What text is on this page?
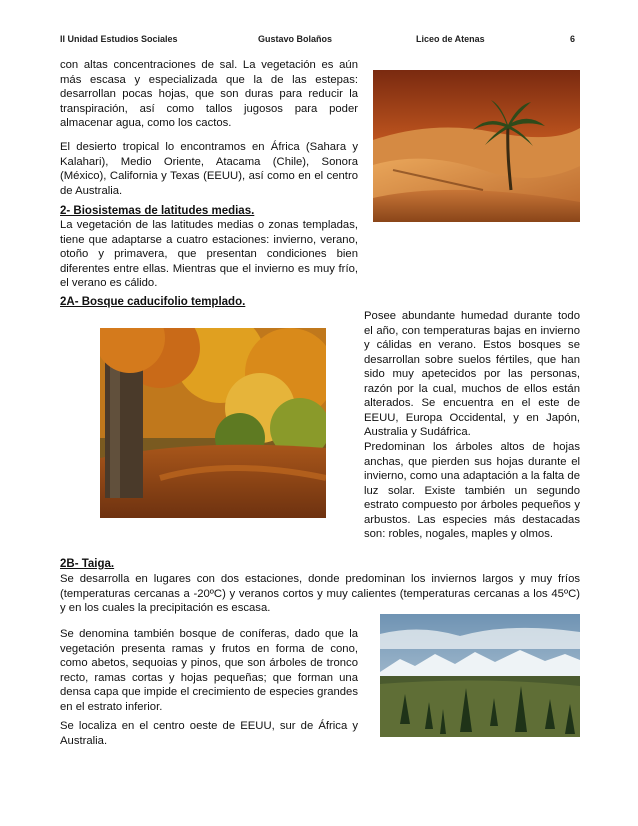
II Unidad Estudios Sociales	Gustavo Bolaños	Liceo de Atenas	6

con altas concentraciones de sal. La vegetación es aún más escasa y especializada que la de las estepas: desarrollan pocas hojas, que son duras para reducir la transpiración, así como tallos jugosos para poder almacenar agua, como los cactos.

El desierto tropical lo encontramos en África (Sahara y Kalahari), Medio Oriente, Atacama (Chile), Sonora (México), California y Texas (EEUU), así como en el centro de Australia.

2- Biosistemas de latitudes medias.

La vegetación de las latitudes medias o zonas templadas, tiene que adaptarse a cuatro estaciones: invierno, verano, otoño y primavera, que presentan condiciones bien diferentes entre ellas. Mientras que el invierno es muy frío, el verano es cálido.

2A- Bosque caducifolio templado.

Posee abundante humedad durante todo el año, con temperaturas bajas en invierno y cálidas en verano. Estos bosques se desarrollan sobre suelos fértiles, que han sido muy apetecidos por las personas, razón por la cual, muchos de ellos están alterados. Se encuentra en el este de EEUU, Europa Occidental, y en Japón, Australia y Sudáfrica.

Predominan los árboles altos de hojas anchas, que pierden sus hojas durante el invierno, como una adaptación a la falta de luz solar. Existe también un segundo estrato compuesto por árboles pequeños y arbustos. Las especies más destacadas son: robles, nogales, maples y olmos.

2B- Taiga.

Se desarrolla en lugares con dos estaciones, donde predominan los inviernos largos y muy fríos (temperaturas cercanas a -20ºC) y veranos cortos y muy calientes (temperaturas cercanas a los 45ºC) y en los cuales la precipitación es escasa.

Se denomina también bosque de coníferas, dado que la vegetación presenta ramas y frutos en forma de cono, como abetos, sequoias y pinos, que son árboles de tronco recto, ramas cortas y hojas pequeñas; que forman una densa capa que impide el crecimiento de especies grandes en el estrato inferior.

Se localiza en el centro oeste de EEUU, sur de África y Australia.
